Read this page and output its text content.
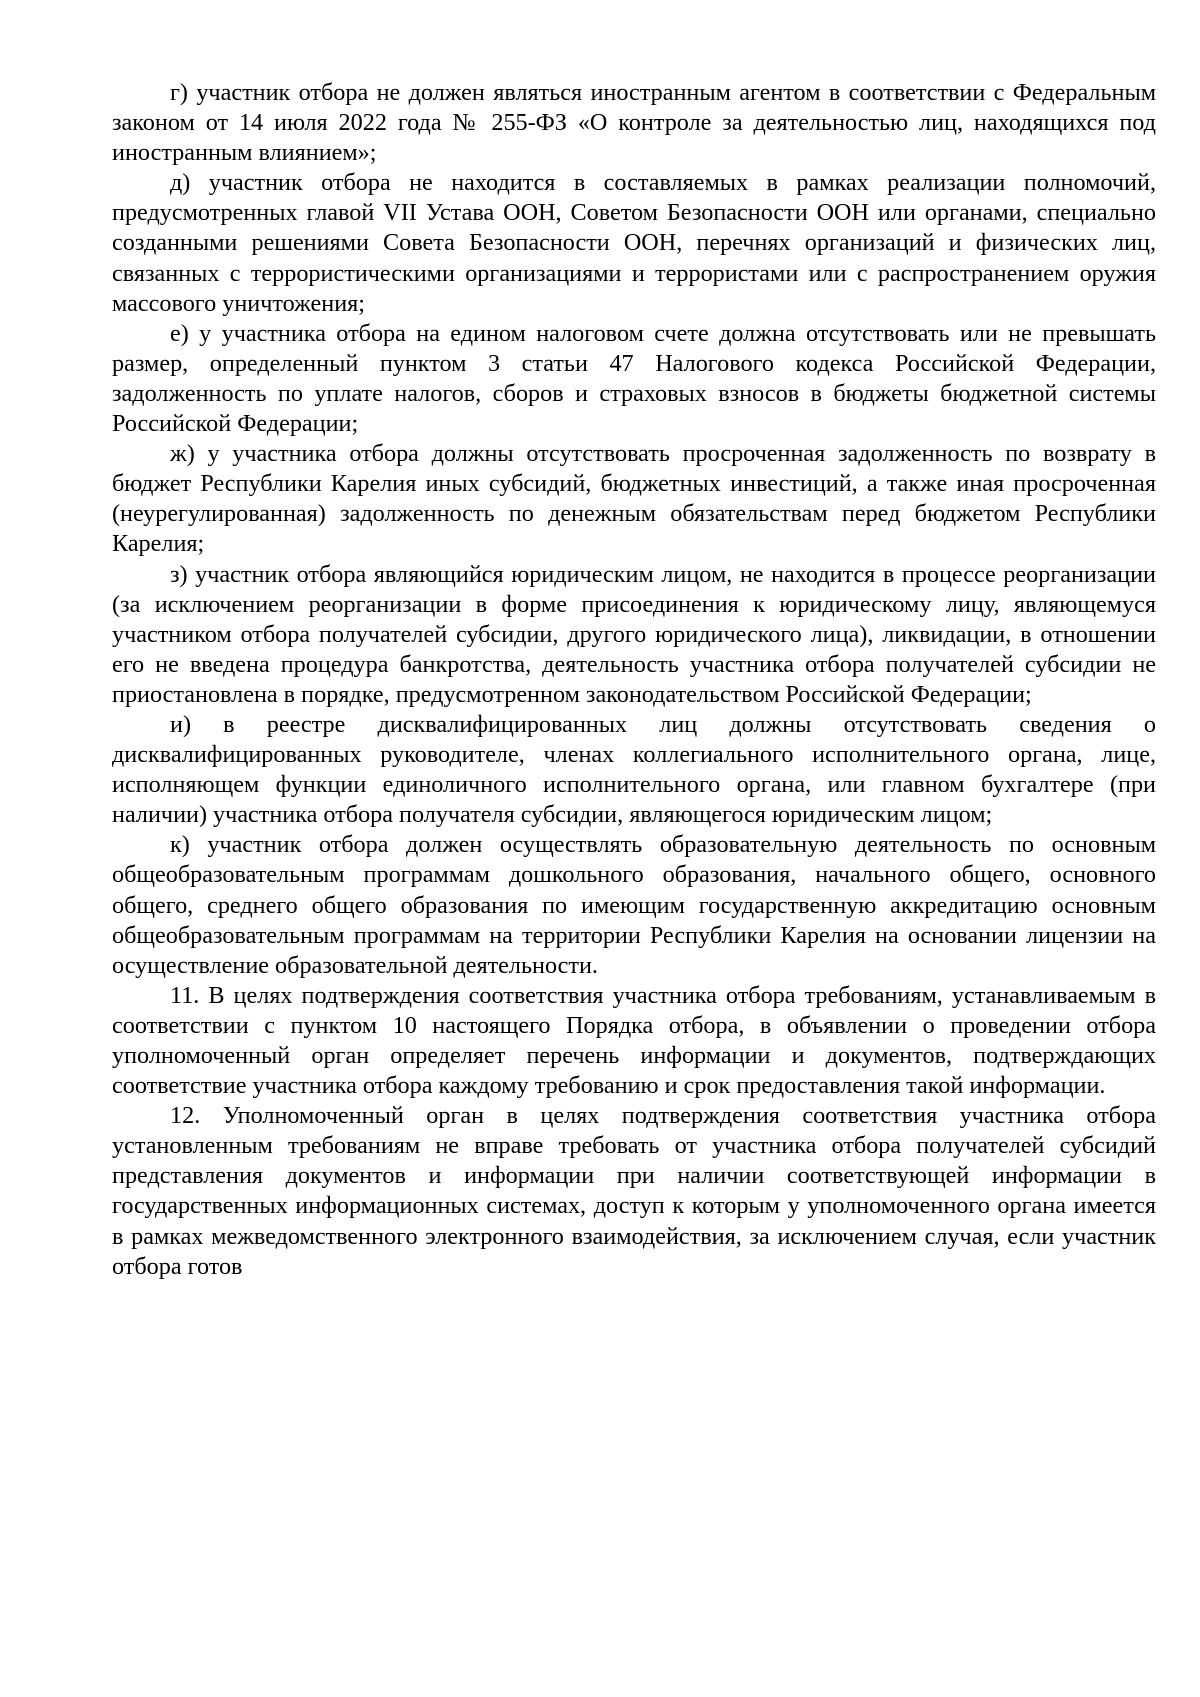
г) участник отбора не должен являться иностранным агентом в соответствии с Федеральным законом от 14 июля 2022 года № 255-ФЗ «О контроле за деятельностью лиц, находящихся под иностранным влиянием»;

д) участник отбора не находится в составляемых в рамках реализации полномочий, предусмотренных главой VII Устава ООН, Советом Безопасности ООН или органами, специально созданными решениями Совета Безопасности ООН, перечнях организаций и физических лиц, связанных с террористическими организациями и террористами или с распространением оружия массового уничтожения;

е) у участника отбора на едином налоговом счете должна отсутствовать или не превышать размер, определенный пунктом 3 статьи 47 Налогового кодекса Российской Федерации, задолженность по уплате налогов, сборов и страховых взносов в бюджеты бюджетной системы Российской Федерации;

ж) у участника отбора должны отсутствовать просроченная задолженность по возврату в бюджет Республики Карелия иных субсидий, бюджетных инвестиций, а также иная просроченная (неурегулированная) задолженность по денежным обязательствам перед бюджетом Республики Карелия;

з) участник отбора являющийся юридическим лицом, не находится в процессе реорганизации (за исключением реорганизации в форме присоединения к юридическому лицу, являющемуся участником отбора получателей субсидии, другого юридического лица), ликвидации, в отношении его не введена процедура банкротства, деятельность участника отбора получателей субсидии не приостановлена в порядке, предусмотренном законодательством Российской Федерации;

и) в реестре дисквалифицированных лиц должны отсутствовать сведения о дисквалифицированных руководителе, членах коллегиального исполнительного органа, лице, исполняющем функции единоличного исполнительного органа, или главном бухгалтере (при наличии) участника отбора получателя субсидии, являющегося юридическим лицом;

к) участник отбора должен осуществлять образовательную деятельность по основным общеобразовательным программам дошкольного образования, начального общего, основного общего, среднего общего образования по имеющим государственную аккредитацию основным общеобразовательным программам на территории Республики Карелия на основании лицензии на осуществление образовательной деятельности.

11. В целях подтверждения соответствия участника отбора требованиям, устанавливаемым в соответствии с пунктом 10 настоящего Порядка отбора, в объявлении о проведении отбора уполномоченный орган определяет перечень информации и документов, подтверждающих соответствие участника отбора каждому требованию и срок предоставления такой информации.

12. Уполномоченный орган в целях подтверждения соответствия участника отбора установленным требованиям не вправе требовать от участника отбора получателей субсидий представления документов и информации при наличии соответствующей информации в государственных информационных системах, доступ к которым у уполномоченного органа имеется в рамках межведомственного электронного взаимодействия, за исключением случая, если участник отбора готов
